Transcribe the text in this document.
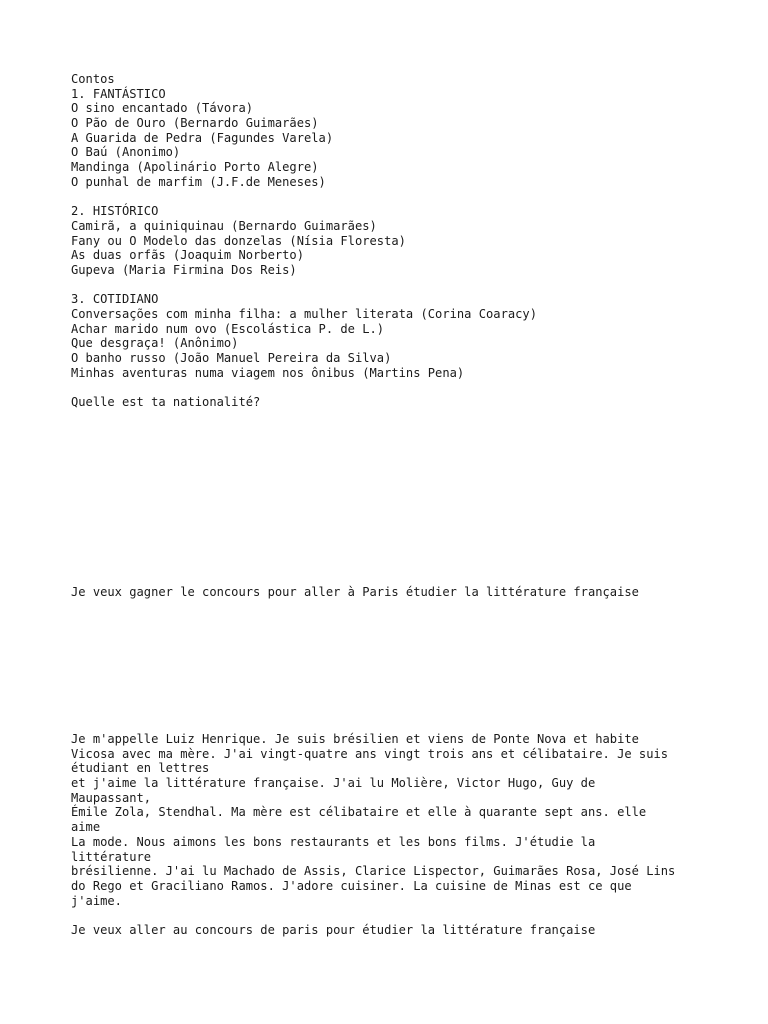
Contos
1. FANTÁSTICO
O sino encantado (Távora)
O Pão de Ouro (Bernardo Guimarães)
A Guarida de Pedra (Fagundes Varela)
O Baú (Anonimo)
Mandinga (Apolinário Porto Alegre)
O punhal de marfim (J.F.de Meneses)
2. HISTÓRICO
Camirã, a quiniquinau (Bernardo Guimarães)
Fany ou O Modelo das donzelas (Nísia Floresta)
As duas orfãs (Joaquim Norberto)
Gupeva (Maria Firmina Dos Reis)
3. COTIDIANO
Conversações com minha filha: a mulher literata (Corina Coaracy)
Achar marido num ovo (Escolástica P. de L.)
Que desgraça! (Anônimo)
O banho russo (João Manuel Pereira da Silva)
Minhas aventuras numa viagem nos ônibus (Martins Pena)
Quelle est ta nationalité?
Je veux gagner le concours pour aller à Paris étudier la littérature française
Je m'appelle Luiz Henrique. Je suis brésilien et viens de Ponte Nova et habite
Vicosa avec ma mère. J'ai vingt-quatre ans vingt trois ans et célibataire. Je suis
étudiant en lettres
et j'aime la littérature française. J'ai lu Molière, Victor Hugo, Guy de
Maupassant,
Émile Zola, Stendhal. Ma mère est célibataire et elle à quarante sept ans. elle
aime
La mode. Nous aimons les bons restaurants et les bons films. J'étudie la
littérature
brésilienne. J'ai lu Machado de Assis, Clarice Lispector, Guimarães Rosa, José Lins
do Rego et Graciliano Ramos. J'adore cuisiner. La cuisine de Minas est ce que
j'aime.
Je veux aller au concours de paris pour étudier la littérature française
